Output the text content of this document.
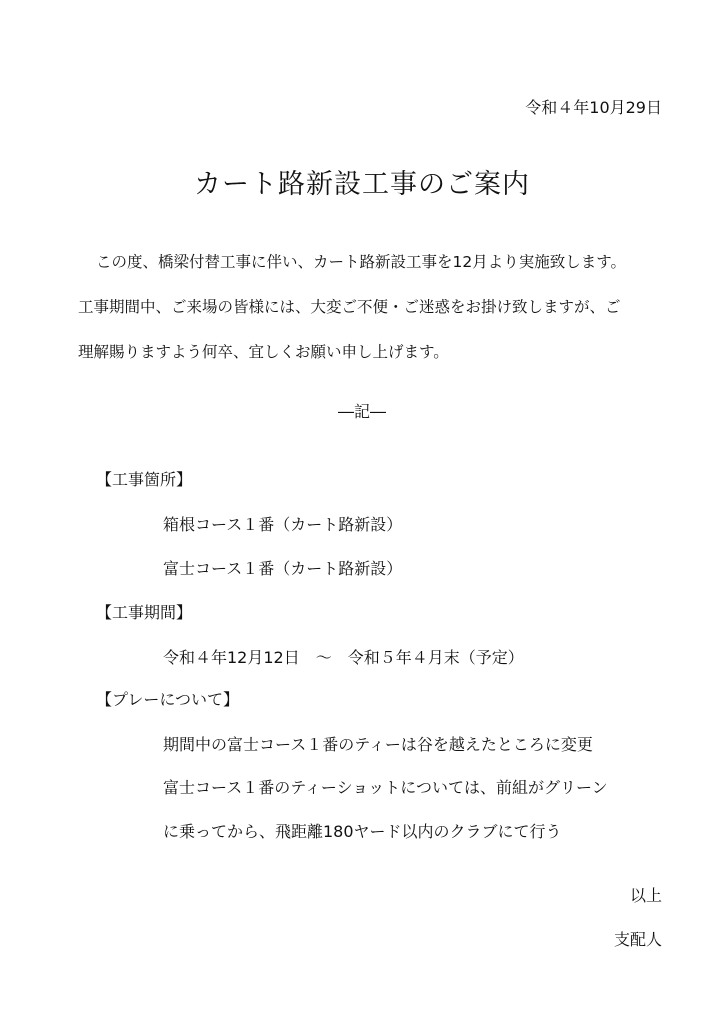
令和４年10月29日
カート路新設工事のご案内
この度、橋梁付替工事に伴い、カート路新設工事を12月より実施致します。
工事期間中、ご来場の皆様には、大変ご不便・ご迷惑をお掛け致しますが、ご
理解賜りますよう何卒、宜しくお願い申し上げます。
―記―
【工事箇所】
箱根コース１番（カート路新設）
富士コース１番（カート路新設）
【工事期間】
令和４年12月12日　～　令和５年４月末（予定）
【プレーについて】
期間中の富士コース１番のティーは谷を越えたところに変更
富士コース１番のティーショットについては、前組がグリーン
に乗ってから、飛距離180ヤード以内のクラブにて行う
以上
支配人
